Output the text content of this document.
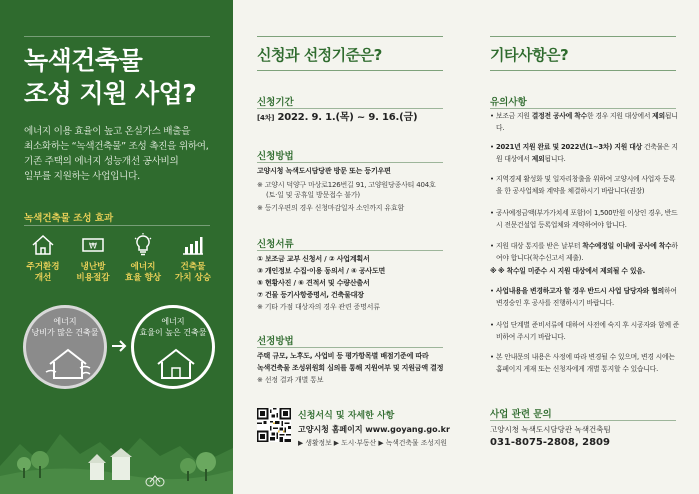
녹색건축물
조성 지원 사업?
에너지 이용 효율이 높고 온실가스 배출을
최소화하는 “녹색건축물” 조성 촉진을 위하여,
기존 주택의 에너지 성능개선 공사비의
일부를 지원하는 사업입니다.
녹색건축물 조성 효과
주거환경
개선
₩
냉난방
비용절감
에너지
효율 향상
건축물
가치 상승
에너지
낭비가 많은 건축물
에너지
효율이 높은 건축물
신청과 선정기준은?
신청기간
[4차] 2022. 9. 1.(목) ~ 9. 16.(금)
신청방법
고양시청 녹색도시담당관 방문 또는 등기우편
※ 고양시 덕양구 마상로126번길 91, 고양원당종사티 404호
(토·일 및 공휴일 방문접수 불가)
※ 등기우편의 경우 신청마감일자 소인까지 유효함
신청서류
① 보조금 교부 신청서 / ② 사업계획서
③ 개인정보 수집·이용 동의서 / ④ 공사도면
⑤ 현황사진 / ⑥ 견적서 및 수량산출서
⑦ 건물 등기사항증명서, 건축물대장
※ 기타 가점 대상자의 경우 관련 증명서류
선정방법
주택 규모, 노후도, 사업비 등 평가항목별 배점기준에 따라
녹색건축물 조성위원회 심의를 통해 지원여부 및 지원금액 결정
※ 선정 결과 개별 통보
신청서식 및 자세한 사항
고양시청 홈페이지 www.goyang.go.kr
▶ 생활정보 ▶ 도시·부동산 ▶ 녹색건축물 조성지원
기타사항은?
유의사항
• 보조금 지원 결정전 공사에 착수한 경우 지원 대상에서 제외됩니다.
• 2021년 지원 완료 및 2022년(1~3차) 지원 대상 건축물은 지원 대상에서 제외됩니다.
• 지역경제 활성화 및 일자리창출을 위하여 고양시에 사업자 등록을 한 공사업체와 계약을 체결하시기 바랍니다(권장)
• 공사예정금액(부가가치세 포함)이 1,500만원 이상인 경우, 반드시 전문건설업 등록업체와 계약하여야 합니다.
• 지원 대상 통지를 받은 날부터 착수예정일 이내에 공사에 착수하여야 합니다(착수신고서 제출).
※ ※ 착수일 미준수 시 지원 대상에서 제외될 수 있음.
• 사업내용을 변경하고자 할 경우 반드시 사업 담당자와 협의하여 변경승인 후 공사를 진행하시기 바랍니다.
• 사업 단계별 준비서류에 대하여 사전에 숙지 후 시공자와 함께 준비하여 주시기 바랍니다.
• 본 안내문의 내용은 사정에 따라 변경될 수 있으며, 변경 시에는 홈페이지 게재 또는 신청자에게 개별 통지할 수 있습니다.
사업 관련 문의
고양시청 녹색도시담당관 녹색건축팀
031-8075-2808, 2809
